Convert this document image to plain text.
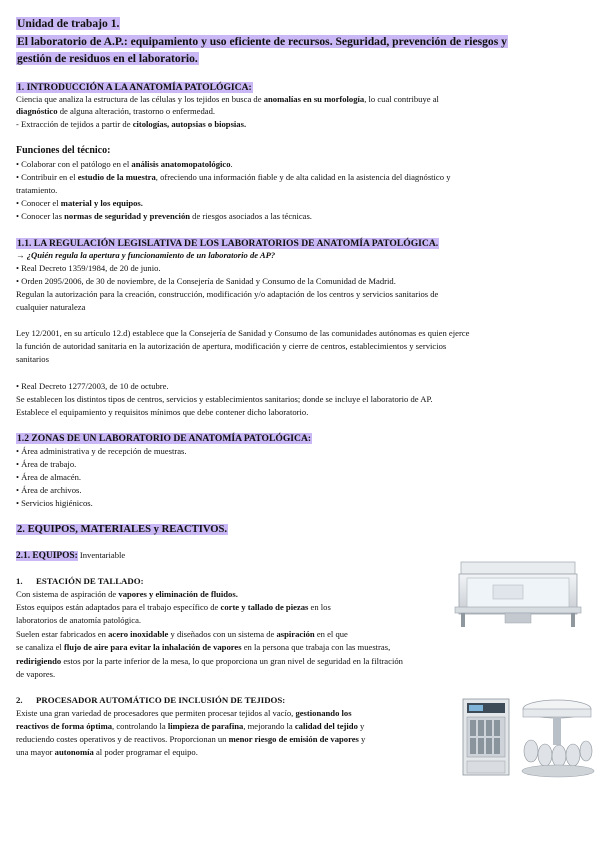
Unidad de trabajo 1.
El laboratorio de A.P.: equipamiento y uso eficiente de recursos. Seguridad, prevención de riesgos y
gestión de residuos en el laboratorio.
1. INTRODUCCIÓN A LA ANATOMÍA PATOLÓGICA:
Ciencia que analiza la estructura de las células y los tejidos en busca de anomalías en su morfología, lo cual contribuye al
diagnóstico de alguna alteración, trastorno o enfermedad.
- Extracción de tejidos a partir de citologías, autopsias o biopsias.
Funciones del técnico:
• Colaborar con el patólogo en el análisis anatomopatológico.
• Contribuir en el estudio de la muestra, ofreciendo una información fiable y de alta calidad en la asistencia del diagnóstico y
tratamiento.
• Conocer el material y los equipos.
• Conocer las normas de seguridad y prevención de riesgos asociados a las técnicas.
1.1. LA REGULACIÓN LEGISLATIVA DE LOS LABORATORIOS DE ANATOMÍA PATOLÓGICA.
→ ¿Quién regula la apertura y funcionamiento de un laboratorio de AP?
• Real Decreto 1359/1984, de 20 de junio.
• Orden 2095/2006, de 30 de noviembre, de la Consejería de Sanidad y Consumo de la Comunidad de Madrid.
Regulan la autorización para la creación, construcción, modificación y/o adaptación de los centros y servicios sanitarios de
cualquier naturaleza
Ley 12/2001, en su artículo 12.d) establece que la Consejería de Sanidad y Consumo de las comunidades autónomas es quien ejerce
la función de autoridad sanitaria en la autorización de apertura, modificación y cierre de centros, establecimientos y servicios
sanitarios
• Real Decreto 1277/2003, de 10 de octubre.
Se establecen los distintos tipos de centros, servicios y establecimientos sanitarios; donde se incluye el laboratorio de AP.
Establece el equipamiento y requisitos mínimos que debe contener dicho laboratorio.
1.2 ZONAS DE UN LABORATORIO DE ANATOMÍA PATOLÓGICA:
• Área administrativa y de recepción de muestras.
• Área de trabajo.
• Área de almacén.
• Área de archivos.
• Servicios higiénicos.
2. EQUIPOS, MATERIALES y REACTIVOS.
2.1. EQUIPOS: Inventariable
1. ESTACIÓN DE TALLADO:
Con sistema de aspiración de vapores y eliminación de fluidos.
Estos equipos están adaptados para el trabajo específico de corte y tallado de piezas en los
laboratorios de anatomía patológica.
Suelen estar fabricados en acero inoxidable y diseñados con un sistema de aspiración en el que
se canaliza el flujo de aire para evitar la inhalación de vapores en la persona que trabaja con las muestras,
redirigiendo estos por la parte inferior de la mesa, lo que proporciona un gran nivel de seguridad en la filtración
de vapores.
2. PROCESADOR AUTOMÁTICO DE INCLUSIÓN DE TEJIDOS:
Existe una gran variedad de procesadores que permiten procesar tejidos al vacío, gestionando los
reactivos de forma óptima, controlando la limpieza de parafina, mejorando la calidad del tejido y
reduciendo costes operativos y de reactivos. Proporcionan un menor riesgo de emisión de vapores y
una mayor autonomía al poder programar el equipo.
